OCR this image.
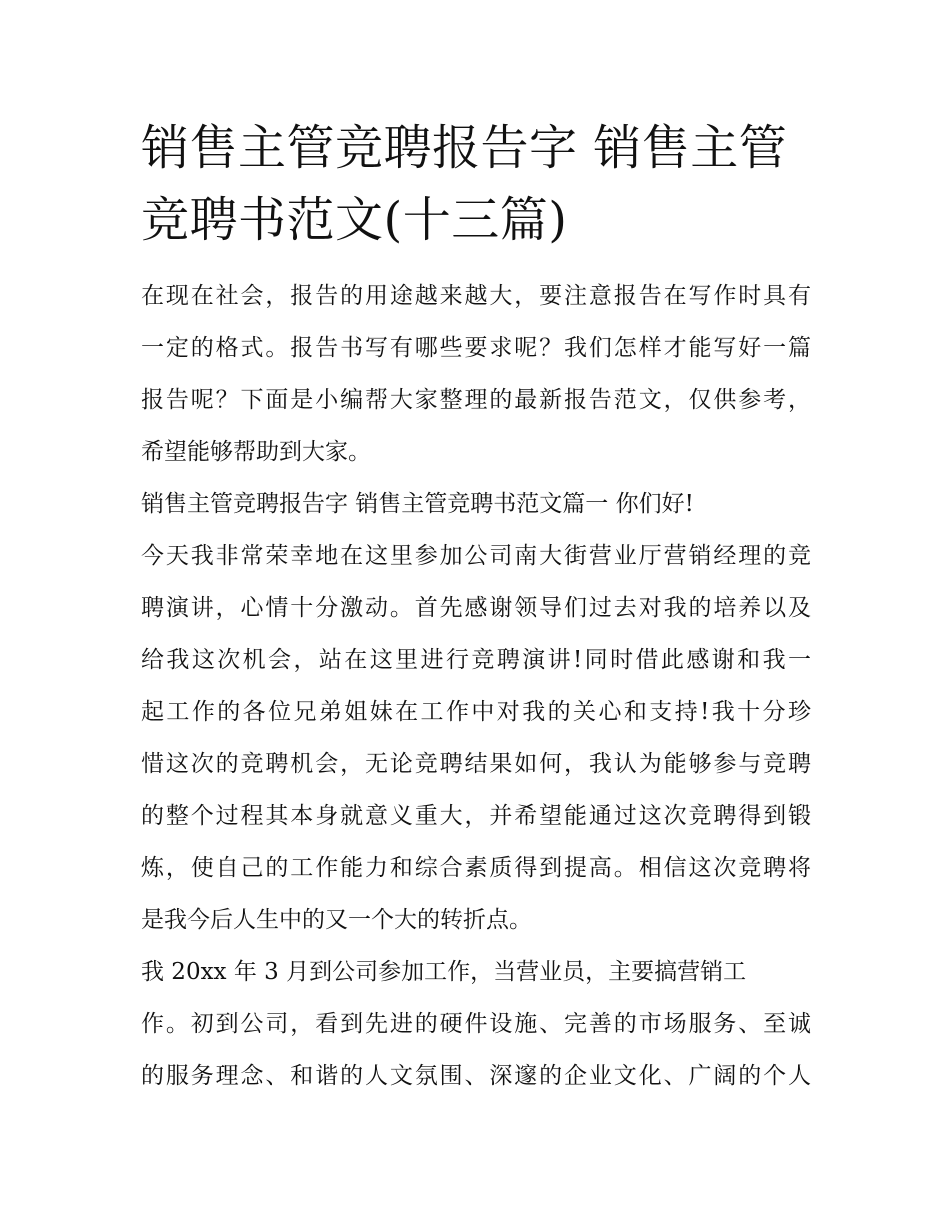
销售主管竞聘报告字 销售主管
竞聘书范文(十三篇)
在现在社会，报告的用途越来越大，要注意报告在写作时具有
一定的格式。报告书写有哪些要求呢？我们怎样才能写好一篇
报告呢？下面是小编帮大家整理的最新报告范文，仅供参考，
希望能够帮助到大家。
销售主管竞聘报告字 销售主管竞聘书范文篇一 你们好!
今天我非常荣幸地在这里参加公司南大街营业厅营销经理的竞
聘演讲，心情十分激动。首先感谢领导们过去对我的培养以及
给我这次机会，站在这里进行竞聘演讲!同时借此感谢和我一
起工作的各位兄弟姐妹在工作中对我的关心和支持!我十分珍
惜这次的竞聘机会，无论竞聘结果如何，我认为能够参与竞聘
的整个过程其本身就意义重大，并希望能通过这次竞聘得到锻
炼，使自己的工作能力和综合素质得到提高。相信这次竞聘将
是我今后人生中的又一个大的转折点。
我 20xx 年 3 月到公司参加工作，当营业员，主要搞营销工
作。初到公司，看到先进的硬件设施、完善的市场服务、至诚
的服务理念、和谐的人文氛围、深邃的企业文化、广阔的个人
